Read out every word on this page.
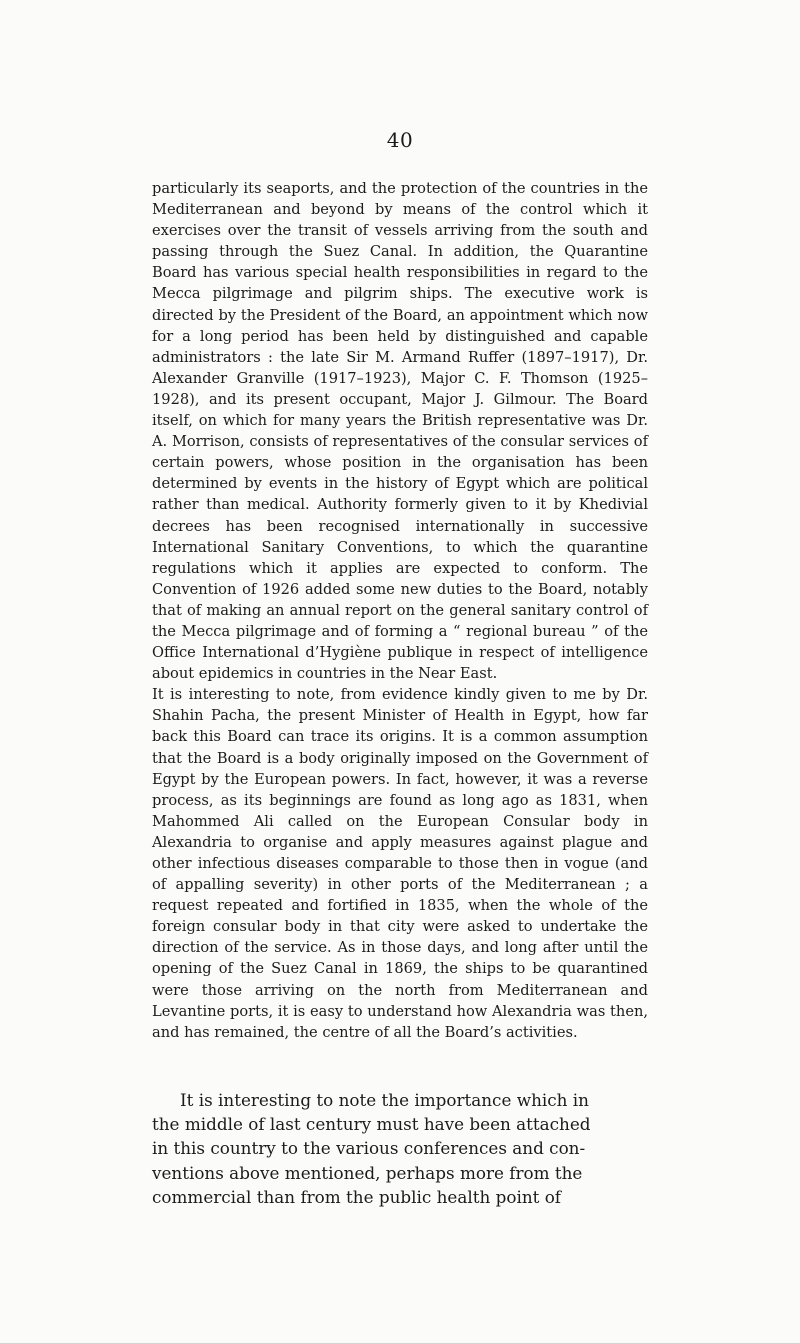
40

particularly its seaports, and the protection of the countries in the Mediterranean and beyond by means of the control which it exercises over the transit of vessels arriving from the south and passing through the Suez Canal. In addition, the Quarantine Board has various special health responsibilities in regard to the Mecca pilgrimage and pilgrim ships. The executive work is directed by the President of the Board, an appointment which now for a long period has been held by distinguished and capable administrators : the late Sir M. Armand Ruffer (1897–1917), Dr. Alexander Granville (1917–1923), Major C. F. Thomson (1925–1928), and its present occupant, Major J. Gilmour. The Board itself, on which for many years the British representative was Dr. A. Morrison, consists of representatives of the consular services of certain powers, whose position in the organisation has been determined by events in the history of Egypt which are political rather than medical. Authority formerly given to it by Khedivial decrees has been recognised internationally in successive International Sanitary Conventions, to which the quarantine regulations which it applies are expected to conform. The Convention of 1926 added some new duties to the Board, notably that of making an annual report on the general sanitary control of the Mecca pilgrimage and of forming a “ regional bureau ” of the Office International d’Hygiène publique in respect of intelligence about epidemics in countries in the Near East.

It is interesting to note, from evidence kindly given to me by Dr. Shahin Pacha, the present Minister of Health in Egypt, how far back this Board can trace its origins. It is a common assumption that the Board is a body originally imposed on the Government of Egypt by the European powers. In fact, however, it was a reverse process, as its beginnings are found as long ago as 1831, when Mahommed Ali called on the European Consular body in Alexandria to organise and apply measures against plague and other infectious diseases comparable to those then in vogue (and of appalling severity) in other ports of the Mediterranean ; a request repeated and fortified in 1835, when the whole of the foreign consular body in that city were asked to undertake the direction of the service. As in those days, and long after until the opening of the Suez Canal in 1869, the ships to be quarantined were those arriving on the north from Mediterranean and Levantine ports, it is easy to understand how Alexandria was then, and has remained, the centre of all the Board’s activities.

It is interesting to note the importance which in
the middle of last century must have been attached
in this country to the various conferences and con-
ventions above mentioned, perhaps more from the
commercial than from the public health point of
